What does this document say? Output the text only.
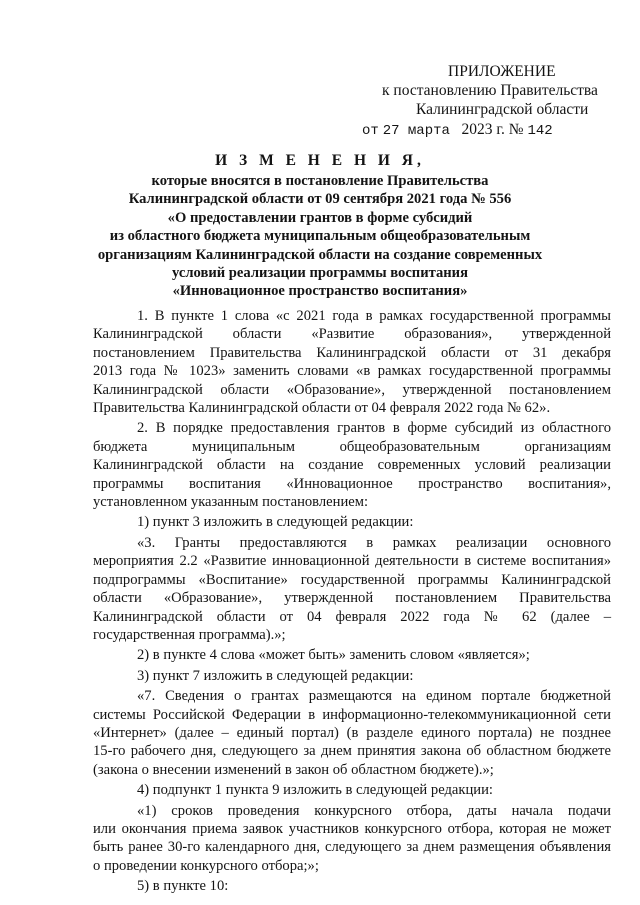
ПРИЛОЖЕНИЕ
к постановлению Правительства
Калининградской области
от 27 марта 2023 г. № 142
И З М Е Н Е Н И Я,
которые вносятся в постановление Правительства
Калининградской области от 09 сентября 2021 года № 556
«О предоставлении грантов в форме субсидий
из областного бюджета муниципальным общеобразовательным
организациям Калининградской области на создание современных
условий реализации программы воспитания
«Инновационное пространство воспитания»
1. В пункте 1 слова «с 2021 года в рамках государственной программы
Калининградской области «Развитие образования», утвержденной
постановлением Правительства Калининградской области от 31 декабря
2013 года № 1023» заменить словами «в рамках государственной программы
Калининградской области «Образование», утвержденной постановлением
Правительства Калининградской области от 04 февраля 2022 года № 62».
2. В порядке предоставления грантов в форме субсидий из областного
бюджета муниципальным общеобразовательным организациям
Калининградской области на создание современных условий реализации
программы воспитания «Инновационное пространство воспитания»,
установленном указанным постановлением:
1) пункт 3 изложить в следующей редакции:
«3. Гранты предоставляются в рамках реализации основного
мероприятия 2.2 «Развитие инновационной деятельности в системе воспитания»
подпрограммы «Воспитание» государственной программы Калининградской
области «Образование», утвержденной постановлением Правительства
Калининградской области от 04 февраля 2022 года № 62 (далее –
государственная программа).»;
2) в пункте 4 слова «может быть» заменить словом «является»;
3) пункт 7 изложить в следующей редакции:
«7. Сведения о грантах размещаются на едином портале бюджетной
системы Российской Федерации в информационно-телекоммуникационной сети
«Интернет» (далее – единый портал) (в разделе единого портала) не позднее
15-го рабочего дня, следующего за днем принятия закона об областном бюджете
(закона о внесении изменений в закон об областном бюджете).»;
4) подпункт 1 пункта 9 изложить в следующей редакции:
«1) сроков проведения конкурсного отбора, даты начала подачи
или окончания приема заявок участников конкурсного отбора, которая не может
быть ранее 30-го календарного дня, следующего за днем размещения объявления
о проведении конкурсного отбора;»;
5) в пункте 10:
